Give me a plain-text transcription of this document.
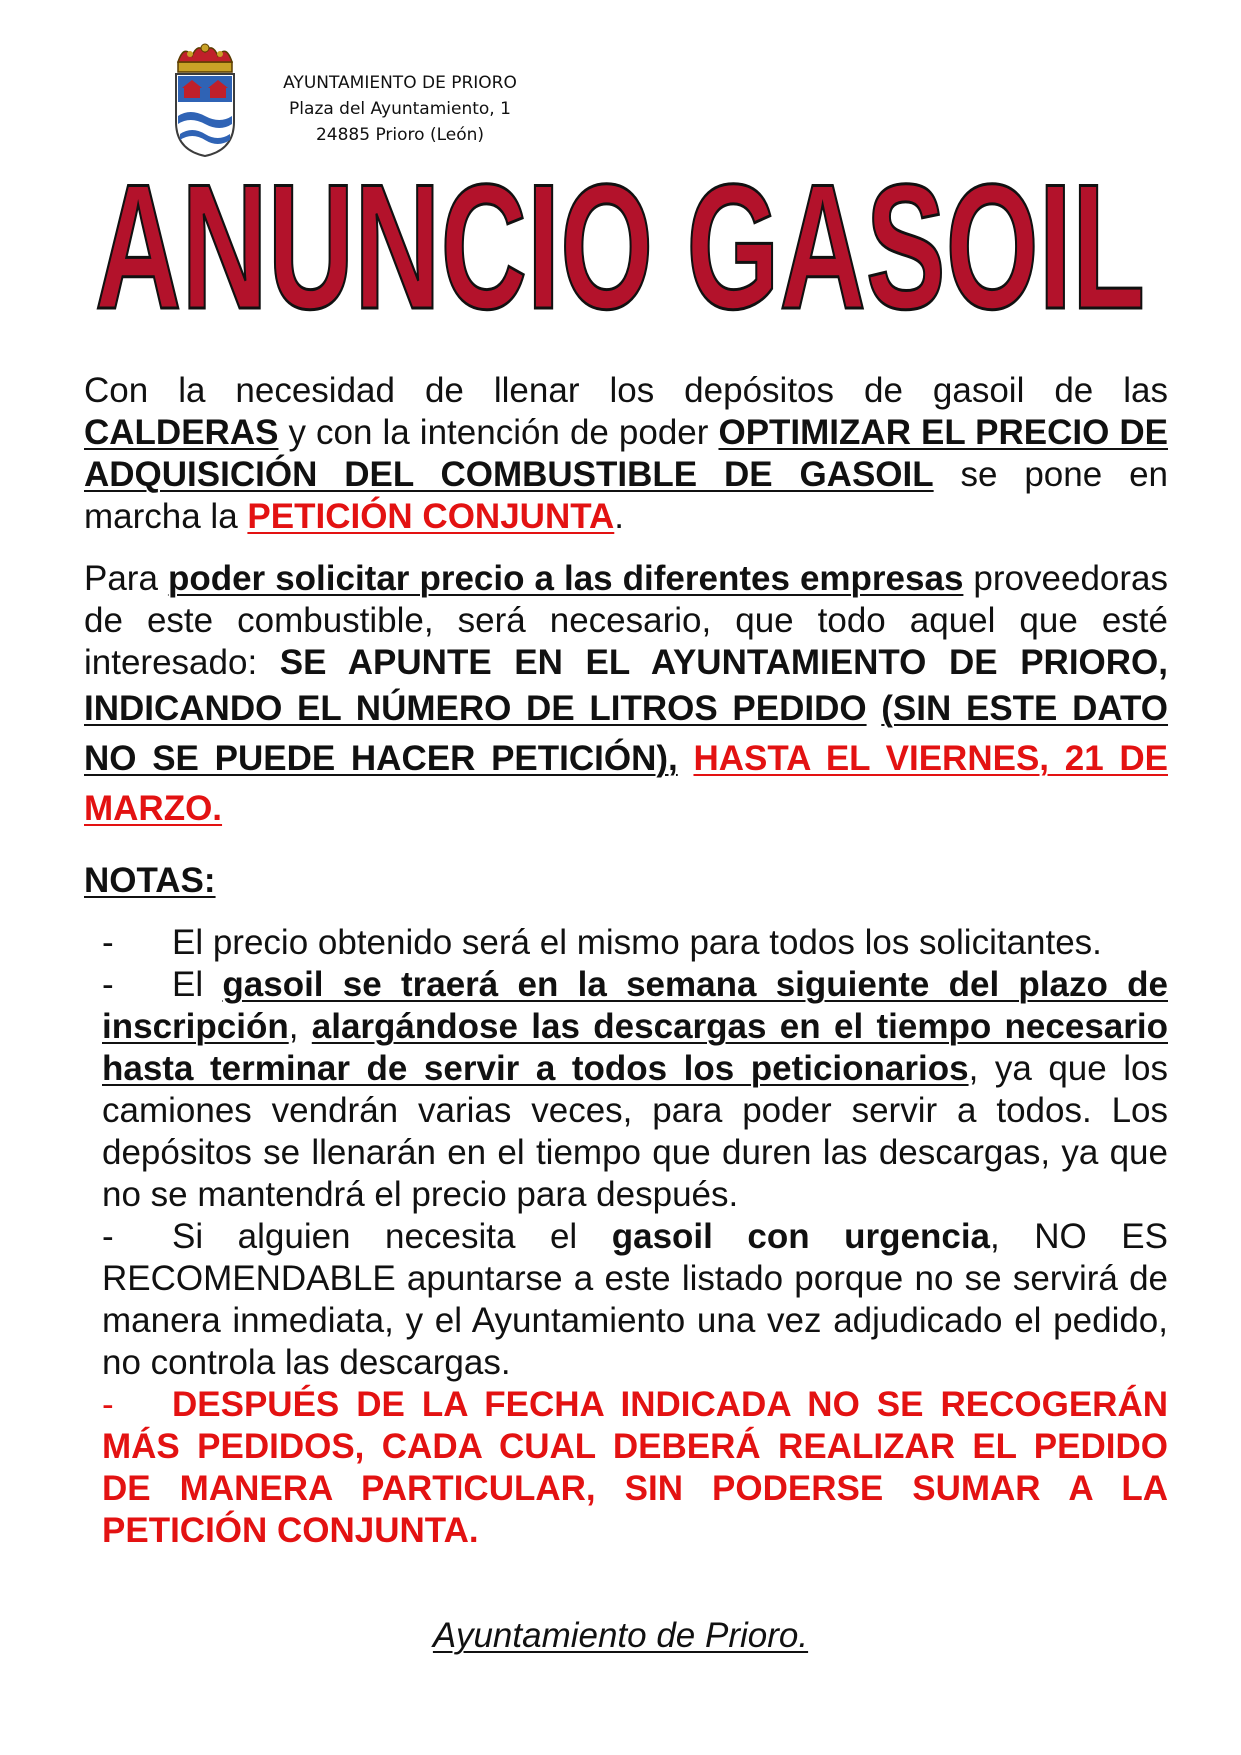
AYUNTAMIENTO DE PRIORO
Plaza del Ayuntamiento, 1
24885 Prioro (León)
ANUNCIO GASOIL

Con la necesidad de llenar los depósitos de gasoil de las CALDERAS y con la intención de poder OPTIMIZAR EL PRECIO DE ADQUISICIÓN DEL COMBUSTIBLE DE GASOIL se pone en marcha la PETICIÓN CONJUNTA.

Para poder solicitar precio a las diferentes empresas proveedoras de este combustible, será necesario, que todo aquel que esté interesado: SE APUNTE EN EL AYUNTAMIENTO DE PRIORO, INDICANDO EL NÚMERO DE LITROS PEDIDO (SIN ESTE DATO NO SE PUEDE HACER PETICIÓN), HASTA EL VIERNES, 21 DE MARZO.

NOTAS:

- El precio obtenido será el mismo para todos los solicitantes.
- El gasoil se traerá en la semana siguiente del plazo de inscripción, alargándose las descargas en el tiempo necesario hasta terminar de servir a todos los peticionarios, ya que los camiones vendrán varias veces, para poder servir a todos. Los depósitos se llenarán en el tiempo que duren las descargas, ya que no se mantendrá el precio para después.
- Si alguien necesita el gasoil con urgencia, NO ES RECOMENDABLE apuntarse a este listado porque no se servirá de manera inmediata, y el Ayuntamiento una vez adjudicado el pedido, no controla las descargas.
- DESPUÉS DE LA FECHA INDICADA NO SE RECOGERÁN MÁS PEDIDOS, CADA CUAL DEBERÁ REALIZAR EL PEDIDO DE MANERA PARTICULAR, SIN PODERSE SUMAR A LA PETICIÓN CONJUNTA.
Ayuntamiento de Prioro.
